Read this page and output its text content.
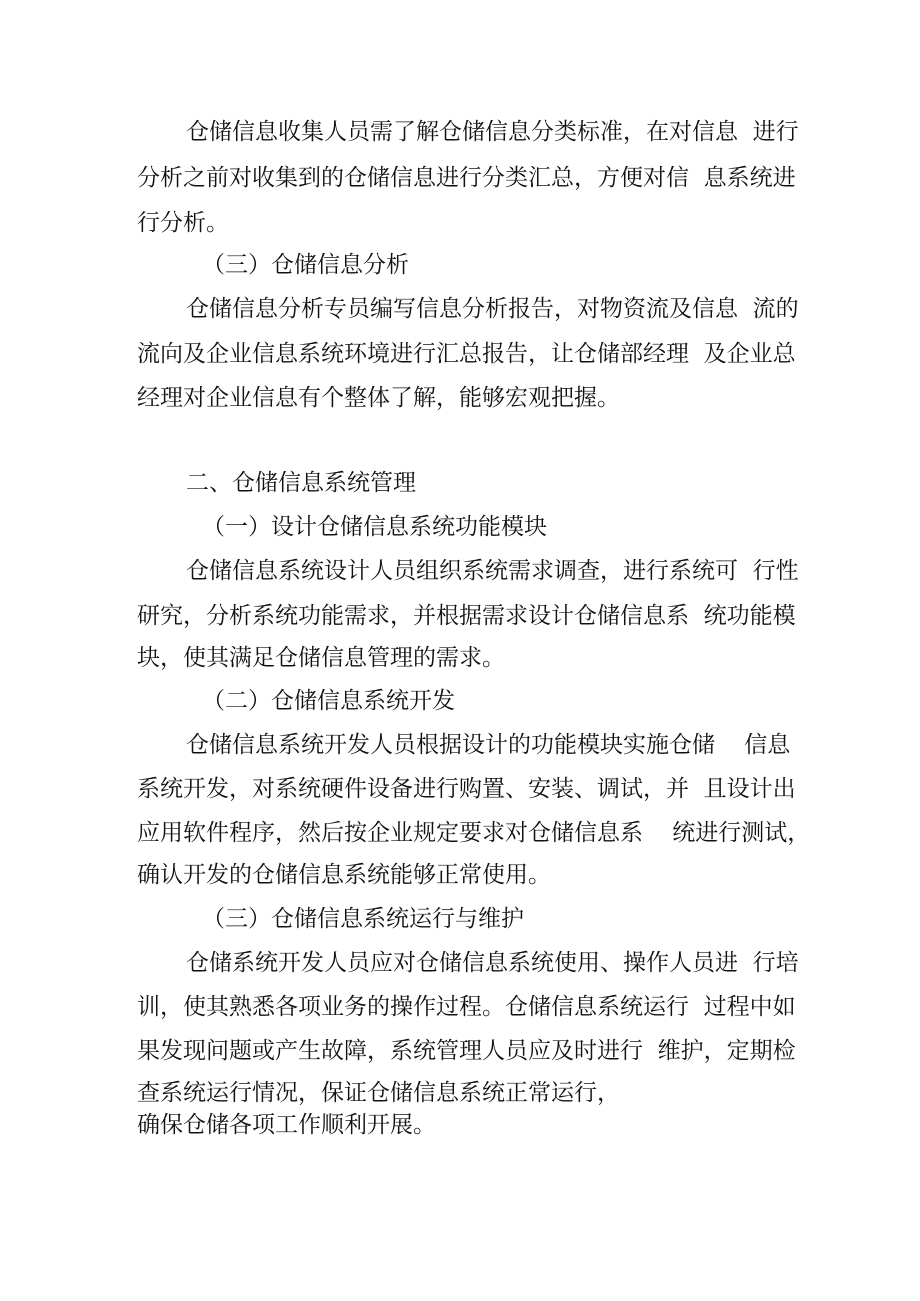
仓储信息收集人员需了解仓储信息分类标准，在对信息  进行
分析之前对收集到的仓储信息进行分类汇总，方便对信  息系统进
行分析。
（三）仓储信息分析
仓储信息分析专员编写信息分析报告，对物资流及信息  流的
流向及企业信息系统环境进行汇总报告，让仓储部经理  及企业总
经理对企业信息有个整体了解，能够宏观把握。
二、仓储信息系统管理
（一）设计仓储信息系统功能模块
仓储信息系统设计人员组织系统需求调查，进行系统可  行性
研究，分析系统功能需求，并根据需求设计仓储信息系  统功能模
块，使其满足仓储信息管理的需求。
（二）仓储信息系统开发
仓储信息系统开发人员根据设计的功能模块实施仓储    信息
系统开发，对系统硬件设备进行购置、安装、调试，并  且设计出
应用软件程序，然后按企业规定要求对仓储信息系    统进行测试，
确认开发的仓储信息系统能够正常使用。
（三）仓储信息系统运行与维护
仓储系统开发人员应对仓储信息系统使用、操作人员进  行培
训，使其熟悉各项业务的操作过程。仓储信息系统运行  过程中如
果发现问题或产生故障，系统管理人员应及时进行  维护，定期检
查系统运行情况，保证仓储信息系统正常运行，
确保仓储各项工作顺利开展。
